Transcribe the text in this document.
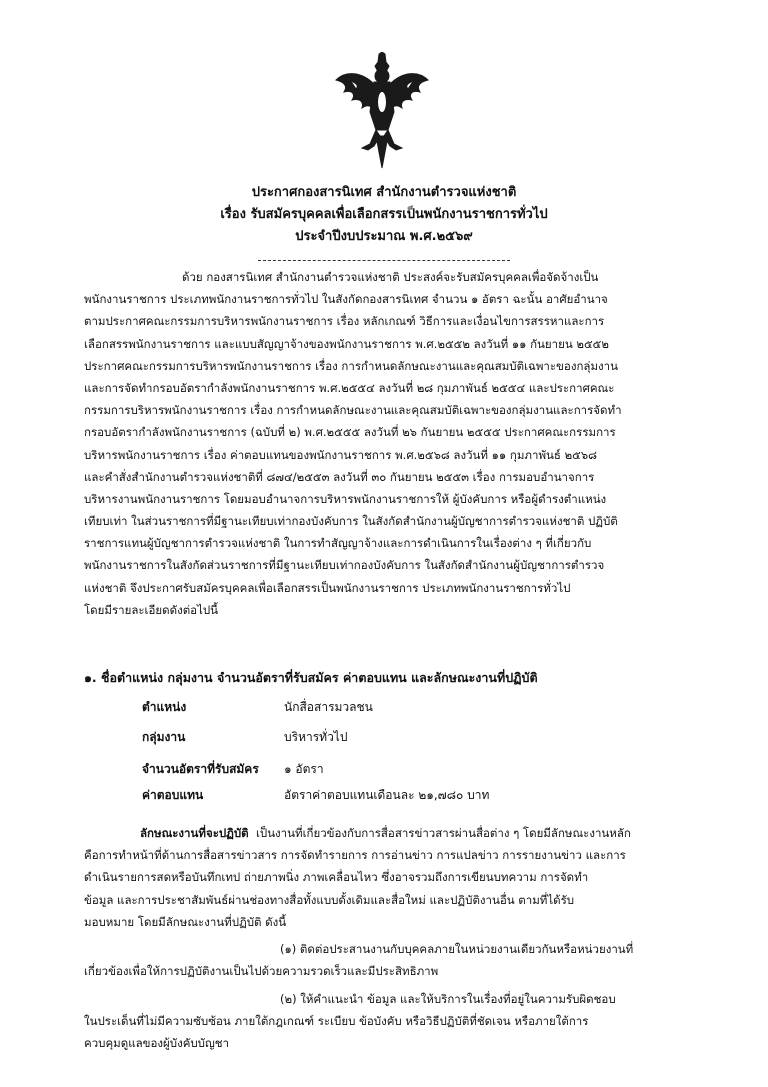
ประกาศกองสารนิเทศ สำนักงานตำรวจแห่งชาติ
เรื่อง รับสมัครบุคคลเพื่อเลือกสรรเป็นพนักงานราชการทั่วไป
ประจำปีงบประมาณ พ.ศ.๒๕๖๙
ด้วย กองสารนิเทศ สำนักงานตำรวจแห่งชาติ ประสงค์จะรับสมัครบุคคลเพื่อจัดจ้างเป็น
พนักงานราชการ ประเภทพนักงานราชการทั่วไป ในสังกัดกองสารนิเทศ จำนวน ๑ อัตรา ฉะนั้น อาศัยอำนาจ
ตามประกาศคณะกรรมการบริหารพนักงานราชการ เรื่อง หลักเกณฑ์ วิธีการและเงื่อนไขการสรรหาและการ
เลือกสรรพนักงานราชการ และแบบสัญญาจ้างของพนักงานราชการ พ.ศ.๒๕๕๒ ลงวันที่ ๑๑ กันยายน ๒๕๕๒
ประกาศคณะกรรมการบริหารพนักงานราชการ เรื่อง การกำหนดลักษณะงานและคุณสมบัติเฉพาะของกลุ่มงาน
และการจัดทำกรอบอัตรากำลังพนักงานราชการ พ.ศ.๒๕๕๔ ลงวันที่ ๒๘ กุมภาพันธ์ ๒๕๕๔ และประกาศคณะ
กรรมการบริหารพนักงานราชการ เรื่อง การกำหนดลักษณะงานและคุณสมบัติเฉพาะของกลุ่มงานและการจัดทำ
กรอบอัตรากำลังพนักงานราชการ (ฉบับที่ ๒) พ.ศ.๒๕๕๕ ลงวันที่ ๒๖ กันยายน ๒๕๕๕ ประกาศคณะกรรมการ
บริหารพนักงานราชการ เรื่อง ค่าตอบแทนของพนักงานราชการ พ.ศ.๒๕๖๘ ลงวันที่ ๑๑ กุมภาพันธ์ ๒๕๖๘
และคำสั่งสำนักงานตำรวจแห่งชาติที่ ๘๗๔/๒๕๕๓ ลงวันที่ ๓๐ กันยายน ๒๕๕๓ เรื่อง การมอบอำนาจการ
บริหารงานพนักงานราชการ โดยมอบอำนาจการบริหารพนักงานราชการให้ ผู้บังคับการ หรือผู้ดำรงตำแหน่ง
เทียบเท่า ในส่วนราชการที่มีฐานะเทียบเท่ากองบังคับการ ในสังกัดสำนักงานผู้บัญชาการตำรวจแห่งชาติ ปฏิบัติ
ราชการแทนผู้บัญชาการตำรวจแห่งชาติ ในการทำสัญญาจ้างและการดำเนินการในเรื่องต่าง ๆ ที่เกี่ยวกับ
พนักงานราชการในสังกัดส่วนราชการที่มีฐานะเทียบเท่ากองบังคับการ ในสังกัดสำนักงานผู้บัญชาการตำรวจ
แห่งชาติ จึงประกาศรับสมัครบุคคลเพื่อเลือกสรรเป็นพนักงานราชการ ประเภทพนักงานราชการทั่วไป
โดยมีรายละเอียดดังต่อไปนี้
๑. ชื่อตำแหน่ง กลุ่มงาน จำนวนอัตราที่รับสมัคร ค่าตอบแทน และลักษณะงานที่ปฏิบัติ
ตำแหน่ง	นักสื่อสารมวลชน
กลุ่มงาน	บริหารทั่วไป
จำนวนอัตราที่รับสมัคร ๑ อัตรา
ค่าตอบแทน	อัตราค่าตอบแทนเดือนละ ๒๑,๗๘๐ บาท
ลักษณะงานที่จะปฏิบัติ เป็นงานที่เกี่ยวข้องกับการสื่อสารข่าวสารผ่านสื่อต่าง ๆ โดยมีลักษณะงานหลัก
คือการทำหน้าที่ด้านการสื่อสารข่าวสาร การจัดทำรายการ การอ่านข่าว การแปลข่าว การรายงานข่าว และการ
ดำเนินรายการสดหรือบันทึกเทป ถ่ายภาพนิ่ง ภาพเคลื่อนไหว ซึ่งอาจรวมถึงการเขียนบทความ การจัดทำ
ข้อมูล และการประชาสัมพันธ์ผ่านช่องทางสื่อทั้งแบบดั้งเดิมและสื่อใหม่ และปฏิบัติงานอื่น ตามที่ได้รับ
มอบหมาย โดยมีลักษณะงานที่ปฏิบัติ ดังนี้
(๑) ติดต่อประสานงานกับบุคคลภายในหน่วยงานเดียวกันหรือหน่วยงานที่
เกี่ยวข้องเพื่อให้การปฏิบัติงานเป็นไปด้วยความรวดเร็วและมีประสิทธิภาพ
(๒) ให้คำแนะนำ ข้อมูล และให้บริการในเรื่องที่อยู่ในความรับผิดชอบ
ในประเด็นที่ไม่มีความซับซ้อน ภายใต้กฎเกณฑ์ ระเบียบ ข้อบังคับ หรือวิธีปฏิบัติที่ชัดเจน หรือภายใต้การ
ควบคุมดูแลของผู้บังคับบัญชา
